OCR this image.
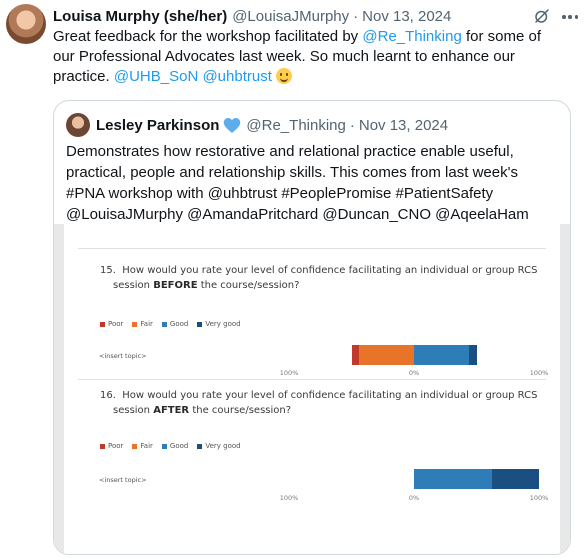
Louisa Murphy (she/her) @LouisaJMurphy · Nov 13, 2024
Great feedback for the workshop facilitated by @Re_Thinking for some of
our Professional Advocates last week. So much learnt to enhance our
practice. @UHB_SoN @uhbtrust
Lesley Parkinson @Re_Thinking · Nov 13, 2024
Demonstrates how restorative and relational practice enable useful,
practical, people and relationship skills. This comes from last week's
#PNA workshop with @uhbtrust #PeoplePromise #PatientSafety
@LouisaJMurphy @AmandaPritchard @Duncan_CNO @AqeelaHam
15. How would you rate your level of confidence facilitating an individual or group RCS
session BEFORE the course/session?
Poor Fair Good Very good
<insert topic>
100%	0%	100%
16. How would you rate your level of confidence facilitating an individual or group RCS
session AFTER the course/session?
Poor Fair Good Very good
<insert topic>
100%	0%	100%
